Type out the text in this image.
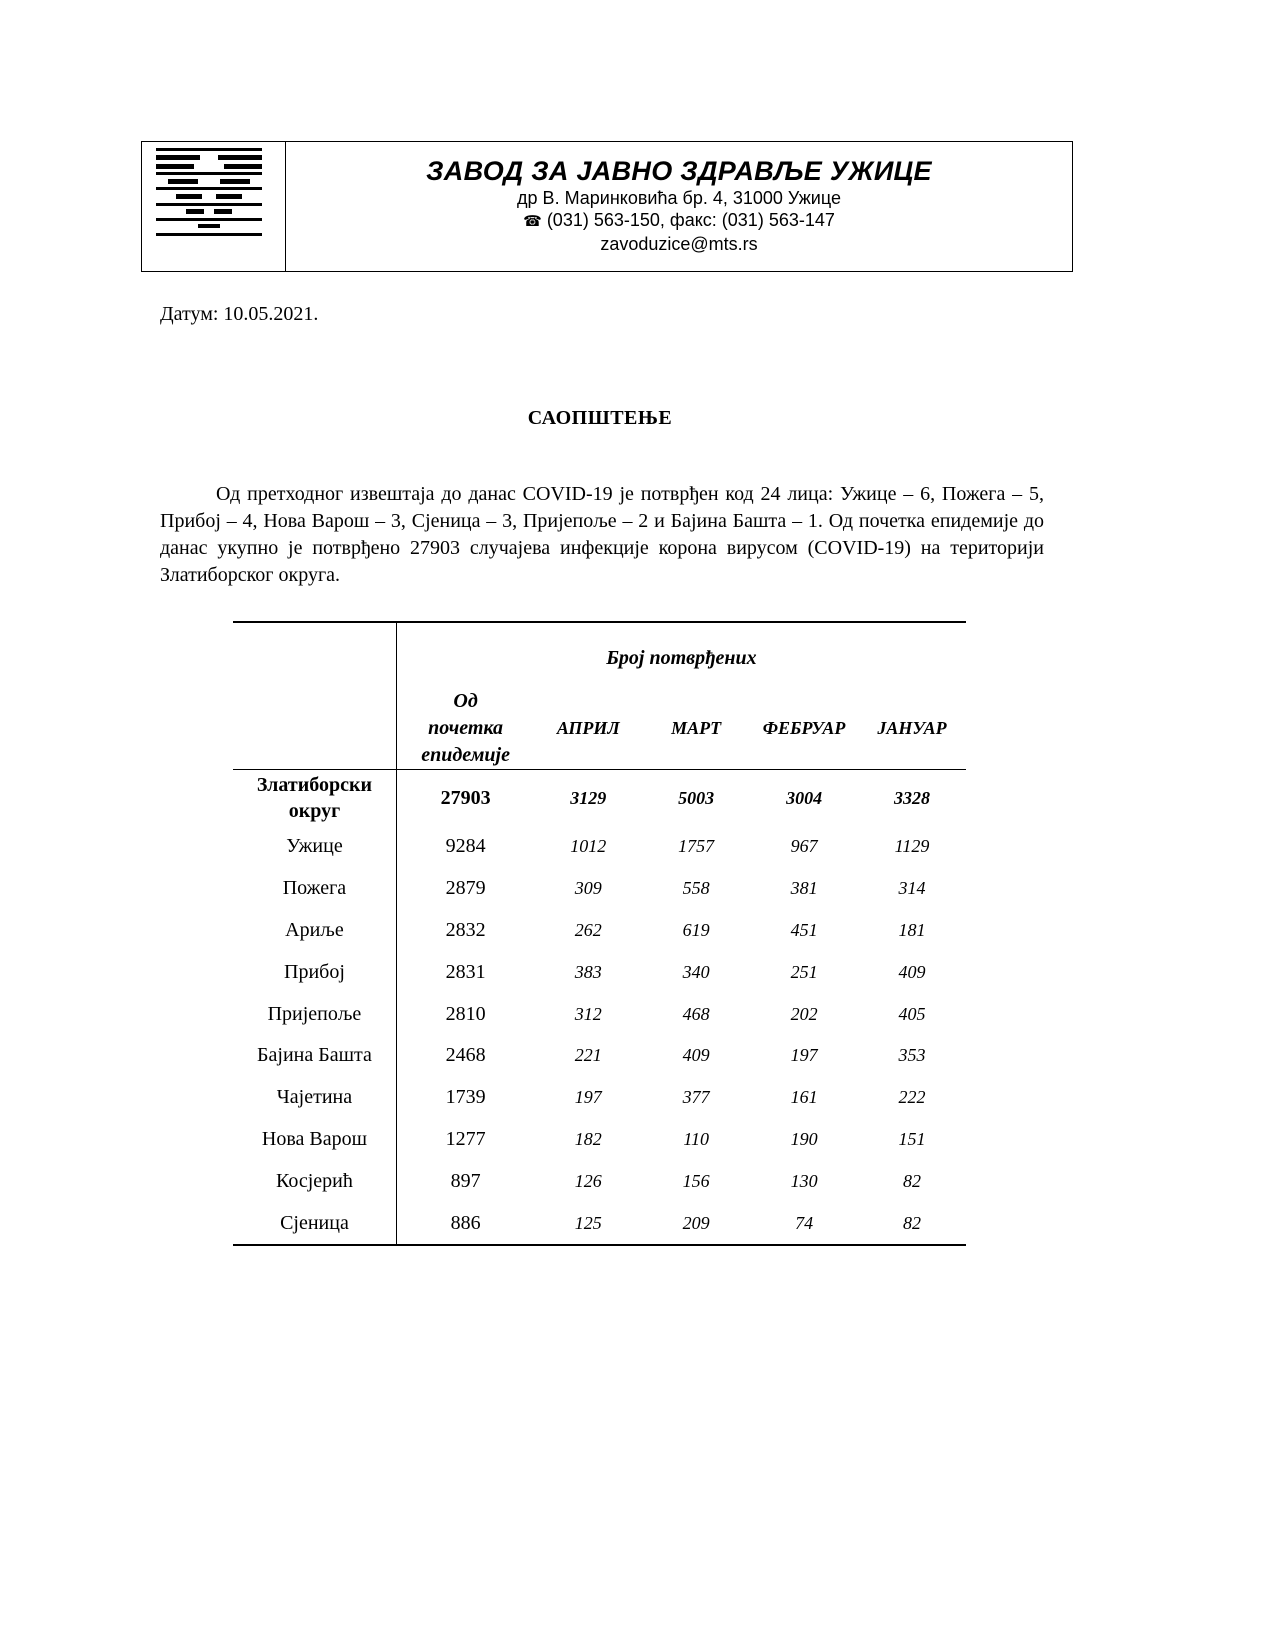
ЗАВОД ЗА ЈАВНО ЗДРАВЉЕ УЖИЦЕ
др В. Маринковића бр. 4, 31000 Ужице
☎ (031) 563-150, факс: (031) 563-147
zavoduzice@mts.rs
Датум: 10.05.2021.
САОПШТЕЊЕ

Од претходног извештаја до данас COVID-19 је потврђен код 24 лица: Ужице – 6, Пожега – 5, Прибој – 4, Нова Варош – 3, Сјеница – 3, Пријепоље – 2 и Бајина Башта – 1. Од почетка епидемије до данас укупно је потврђено 27903 случајева инфекције корона вирусом (COVID-19) на територији Златиборског округа.

	Број потврђених				

	Од
почетка
епидемије	АПРИЛ	МАРТ	ФЕБРУАР	ЈАНУАР

Златиборски
округ	27903	3129	5003	3004	3328
Ужице	9284	1012	1757	967	1129
Пожега	2879	309	558	381	314
Ариље	2832	262	619	451	181
Прибој	2831	383	340	251	409
Пријепоље	2810	312	468	202	405
Бајина Башта	2468	221	409	197	353
Чајетина	1739	197	377	161	222
Нова Варош	1277	182	110	190	151
Косјерић	897	126	156	130	82
Сјеница	886	125	209	74	82
